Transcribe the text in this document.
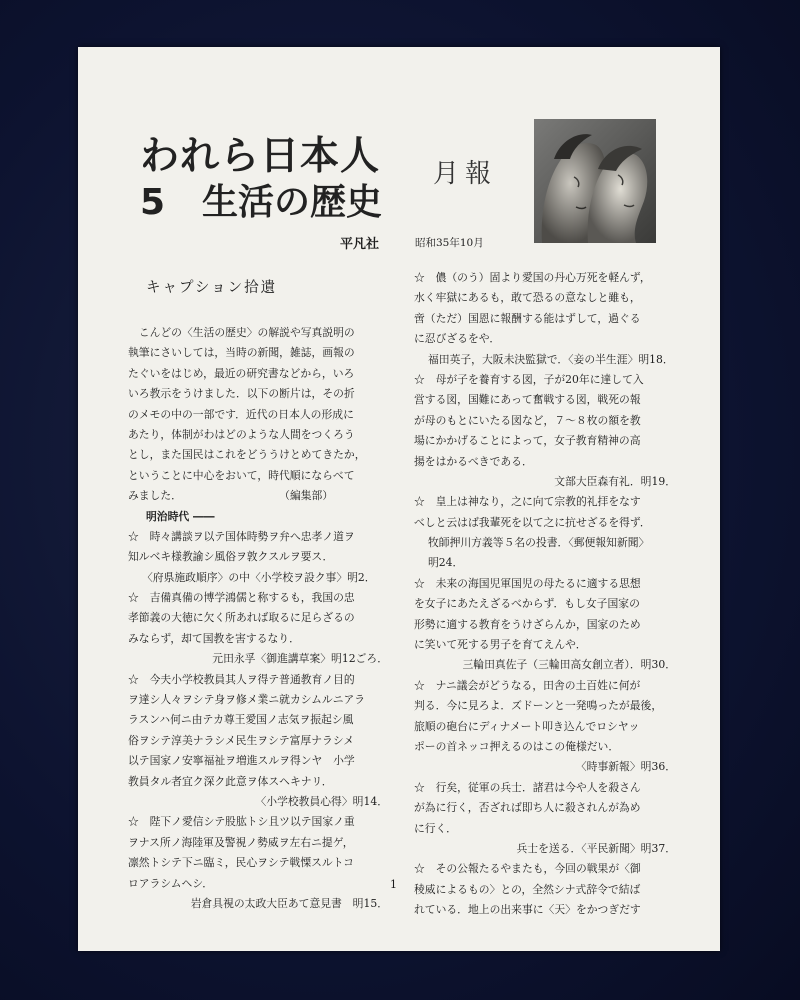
われら日本人
5 生活の歴史
月報
平凡社	昭和35年10月
キャプション拾遺
　こんどの〈生活の歴史〉の解説や写真説明の
執筆にさいしては，当時の新聞，雑誌，画報の
たぐいをはじめ，最近の研究書などから，いろ
いろ教示をうけました．以下の断片は，その折
のメモの中の一部です．近代の日本人の形成に
あたり，体制がわはどのような人間をつくろう
とし，また国民はこれをどううけとめてきたか，
ということに中心をおいて，時代順にならべて
みました．　　　　　　　　　　（編集部）
明治時代 ――
☆　時々講談ヲ以テ国体時勢ヲ弁へ忠孝ノ道ヲ
知ルベキ様教諭シ風俗ヲ敦クスルヲ要ス．
〈府県施政順序〉の中〈小学校ヲ設ク事〉明2．
☆　吉備真備の博学鴻儒と称するも，我国の忠
孝節義の大徳に欠く所あれば取るに足らざるの
みならず，却て国教を害するなり．
元田永孚〈御進講草案〉明12ごろ．
☆　今夫小学校教員其人ヲ得テ普通教育ノ目的
ヲ達シ人々ヲシテ身ヲ修メ業ニ就カシムルニアラ
ラスンハ何ニ由テカ尊王愛国ノ志気ヲ振起シ風
俗ヲシテ淳美ナラシメ民生ヲシテ富厚ナラシメ
以テ国家ノ安寧福祉ヲ増進スルヲ得ンヤ　小学
教員タル者宜ク深ク此意ヲ体スヘキナリ．
〈小学校教員心得〉明14．
☆　陛下ノ愛信シテ股肱トシ且ツ以テ国家ノ重
ヲナス所ノ海陸軍及警視ノ勢威ヲ左右ニ提ゲ，
凛然トシテ下ニ臨ミ，民心ヲシテ戦慄スルトコ
ロアラシムヘシ．
岩倉具視の太政大臣あて意見書　明15．
☆　儂（のう）固より愛国の丹心万死を軽んず，
水く牢獄にあるも，敢て恐るの意なしと雖も，
啻（ただ）国恩に報酬する能はずして，過ぐる
に忍びざるをや．
福田英子，大阪未決監獄で．〈妾の半生涯〉明18．
☆　母が子を養育する図，子が20年に達して入
営する図，国難にあって奮戦する図，戦死の報
が母のもとにいたる図など，７～８枚の額を教
場にかかげることによって，女子教育精神の高
揚をはかるべきである．
文部大臣森有礼．明19．
☆　皇上は神なり，之に向て宗教的礼拝をなす
べしと云はば我輩死を以て之に抗せざるを得ず．
牧師押川方義等５名の投書．〈郵便報知新聞〉
明24．
☆　未来の海国児軍国児の母たるに適する思想
を女子にあたえざるべからず．もし女子国家の
形勢に適する教育をうけざらんか，国家のため
に笑いて死する男子を育てえんや．
三輪田真佐子（三輪田高女創立者）．明30．
☆　ナニ議会がどうなる，田舎の土百姓に何が
判る．今に見ろよ．ズドーンと一発鳴ったが最後，
旅順の砲台にディナメート叩き込んでロシヤッ
ポーの首ネッコ押えるのはこの俺様だい．
〈時事新報〉明36．
☆　行矣，従軍の兵士．諸君は今や人を殺さん
が為に行く，否ざれば即ち人に殺されんが為め
に行く．
兵士を送る．〈平民新聞〉明37．
☆　その公報たるやまたも，今回の戦果が〈御
稜威によるもの〉との，全然シナ式辞令で結ば
れている．地上の出来事に〈天〉をかつぎだす
1
